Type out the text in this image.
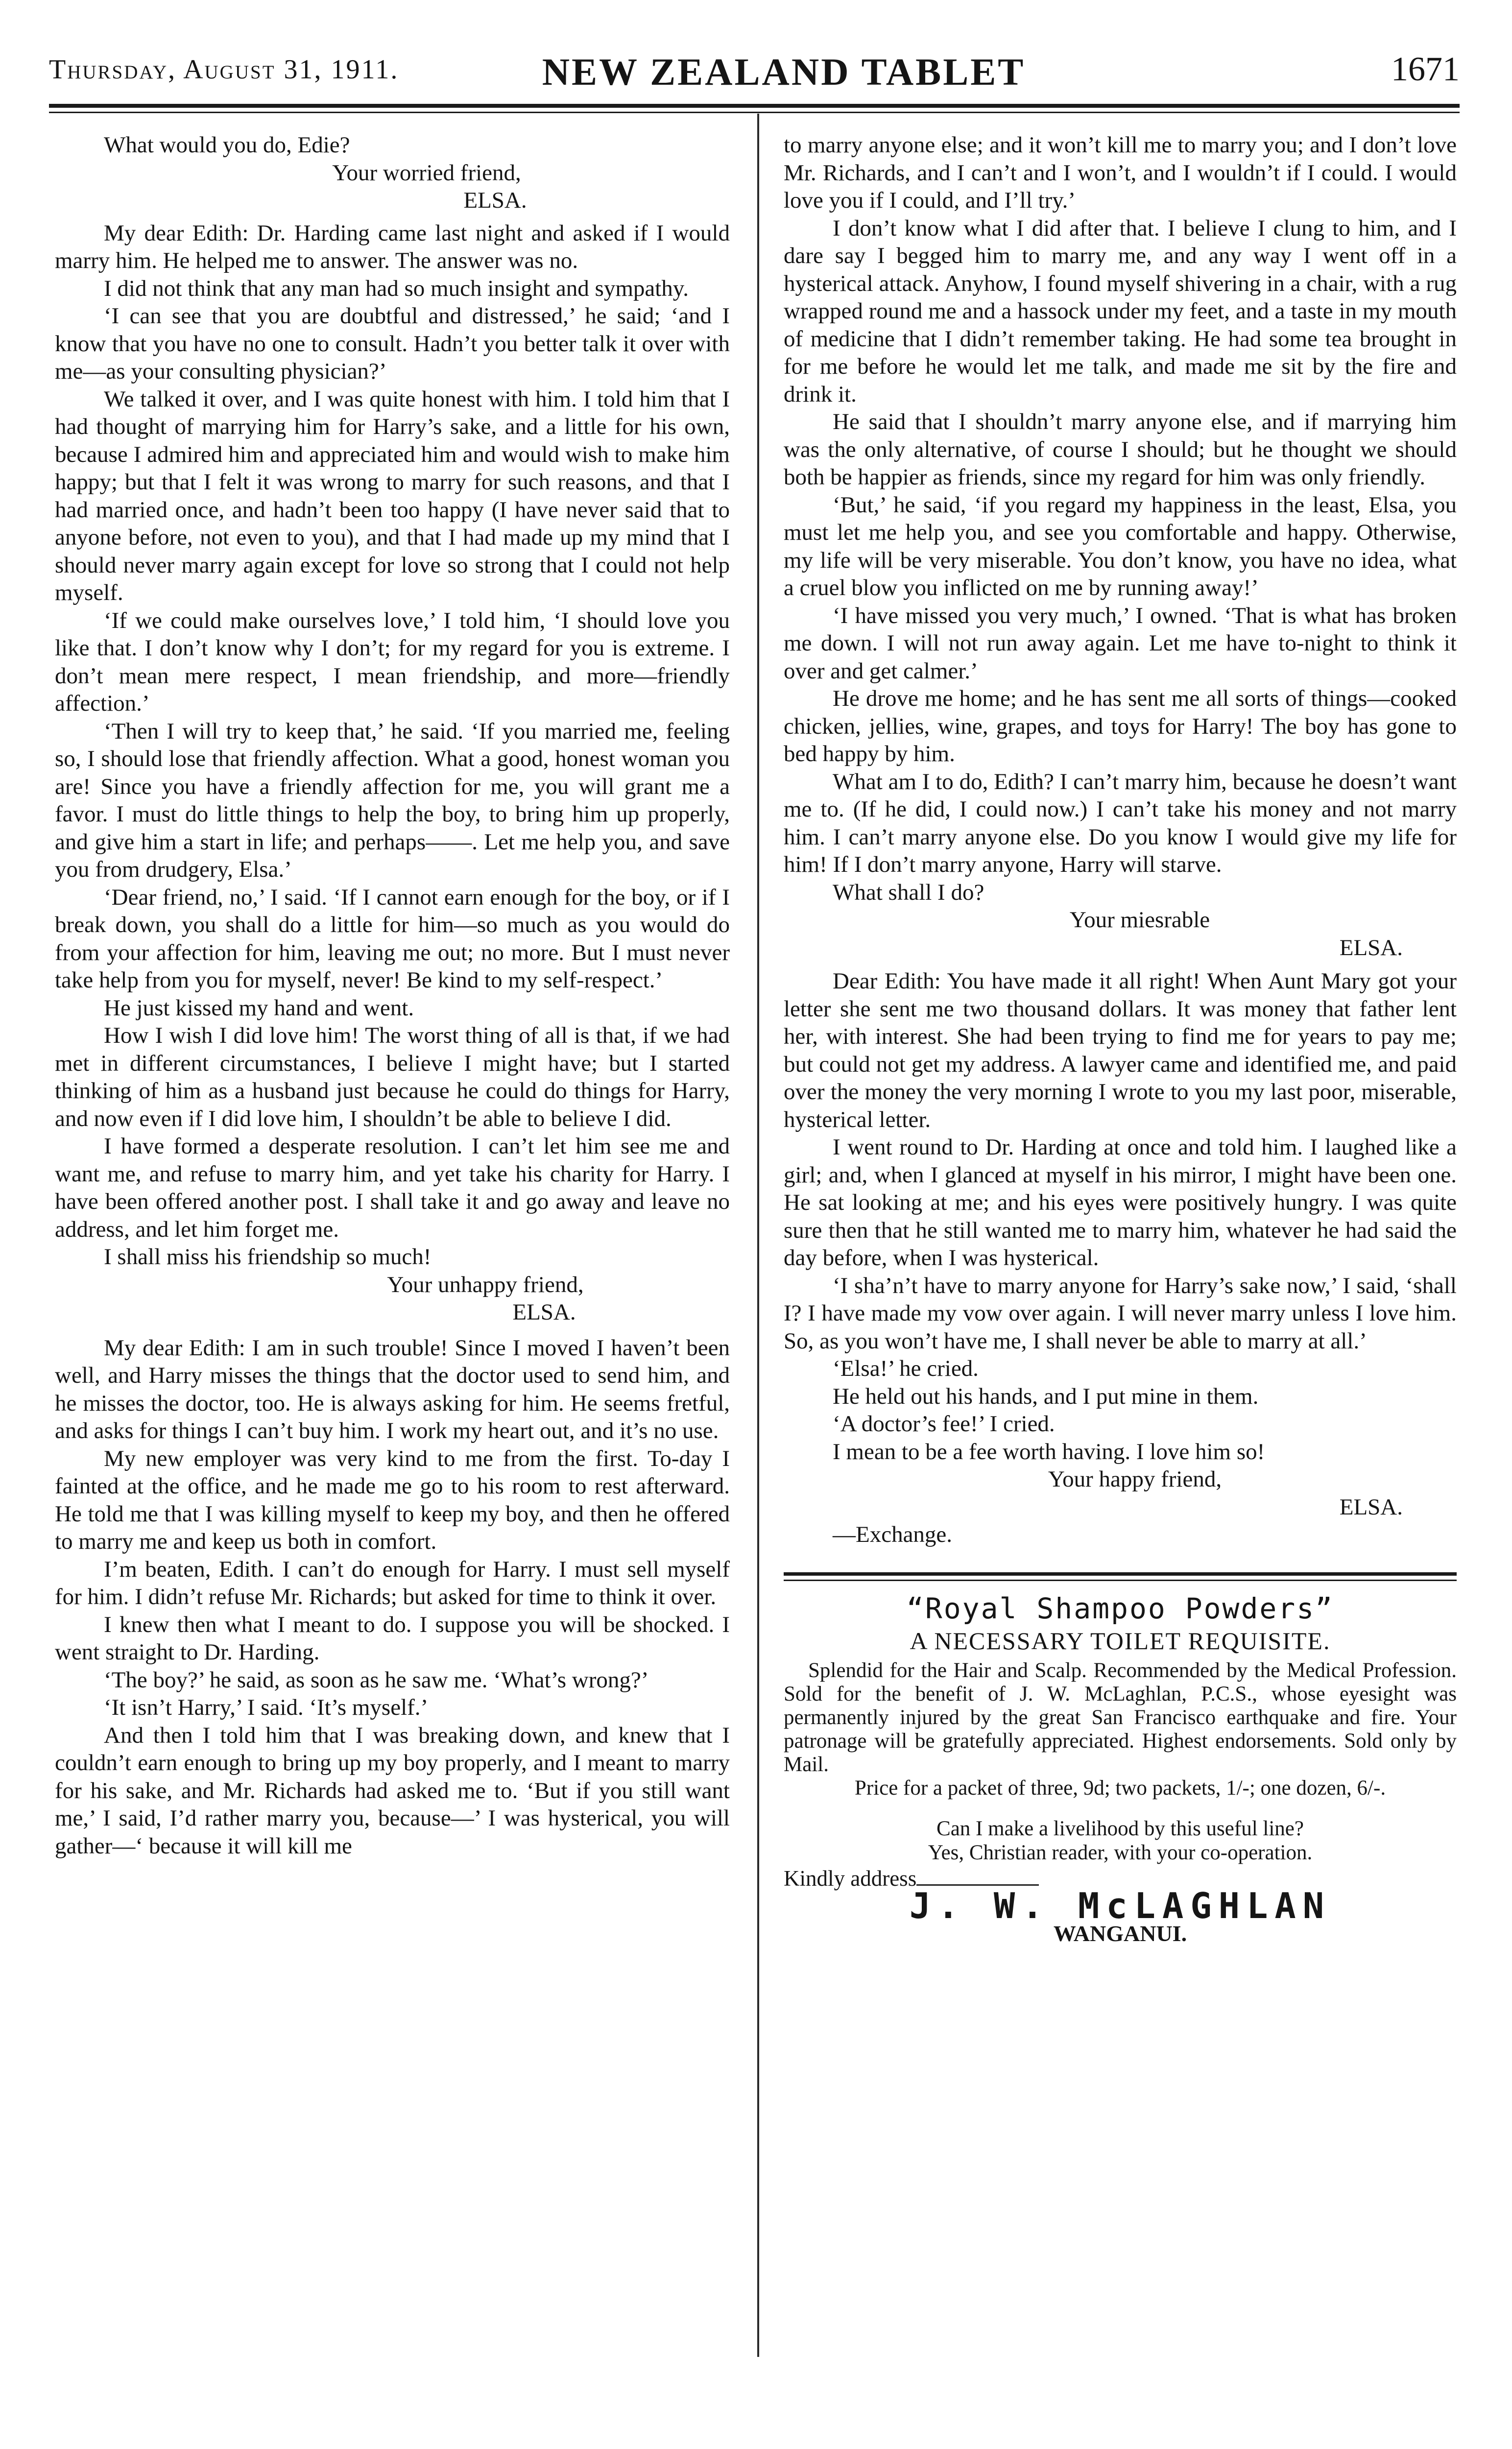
Thursday, August 31, 1911.	NEW ZEALAND TABLET	1671

What would you do, Edie?

Your worried friend,

ELSA.

My dear Edith: Dr. Harding came last night and asked if I would marry him. He helped me to answer. The answer was no.

I did not think that any man had so much insight and sympathy.

‘I can see that you are doubtful and distressed,’ he said; ‘and I know that you have no one to consult. Hadn’t you better talk it over with me—as your consulting physician?’

We talked it over, and I was quite honest with him. I told him that I had thought of marrying him for Harry’s sake, and a little for his own, because I admired him and appreciated him and would wish to make him happy; but that I felt it was wrong to marry for such reasons, and that I had married once, and hadn’t been too happy (I have never said that to anyone before, not even to you), and that I had made up my mind that I should never marry again except for love so strong that I could not help myself.

‘If we could make ourselves love,’ I told him, ‘I should love you like that. I don’t know why I don’t; for my regard for you is extreme. I don’t mean mere respect, I mean friendship, and more—friendly affection.’

‘Then I will try to keep that,’ he said. ‘If you married me, feeling so, I should lose that friendly affection. What a good, honest woman you are! Since you have a friendly affection for me, you will grant me a favor. I must do little things to help the boy, to bring him up properly, and give him a start in life; and perhaps——. Let me help you, and save you from drudgery, Elsa.’

‘Dear friend, no,’ I said. ‘If I cannot earn enough for the boy, or if I break down, you shall do a little for him—so much as you would do from your affection for him, leaving me out; no more. But I must never take help from you for myself, never! Be kind to my self-respect.’

He just kissed my hand and went.

How I wish I did love him! The worst thing of all is that, if we had met in different circumstances, I believe I might have; but I started thinking of him as a husband just because he could do things for Harry, and now even if I did love him, I shouldn’t be able to believe I did.

I have formed a desperate resolution. I can’t let him see me and want me, and refuse to marry him, and yet take his charity for Harry. I have been offered another post. I shall take it and go away and leave no address, and let him forget me.

I shall miss his friendship so much!

Your unhappy friend,

ELSA.

My dear Edith: I am in such trouble! Since I moved I haven’t been well, and Harry misses the things that the doctor used to send him, and he misses the doctor, too. He is always asking for him. He seems fretful, and asks for things I can’t buy him. I work my heart out, and it’s no use.

My new employer was very kind to me from the first. To-day I fainted at the office, and he made me go to his room to rest afterward. He told me that I was killing myself to keep my boy, and then he offered to marry me and keep us both in comfort.

I’m beaten, Edith. I can’t do enough for Harry. I must sell myself for him. I didn’t refuse Mr. Richards; but asked for time to think it over.

I knew then what I meant to do. I suppose you will be shocked. I went straight to Dr. Harding.

‘The boy?’ he said, as soon as he saw me. ‘What’s wrong?’

‘It isn’t Harry,’ I said. ‘It’s myself.’

And then I told him that I was breaking down, and knew that I couldn’t earn enough to bring up my boy properly, and I meant to marry for his sake, and Mr. Richards had asked me to. ‘But if you still want me,’ I said, I’d rather marry you, because—’ I was hysterical, you will gather—‘ because it will kill me

to marry anyone else; and it won’t kill me to marry you; and I don’t love Mr. Richards, and I can’t and I won’t, and I wouldn’t if I could. I would love you if I could, and I’ll try.’

I don’t know what I did after that. I believe I clung to him, and I dare say I begged him to marry me, and any way I went off in a hysterical attack. Anyhow, I found myself shivering in a chair, with a rug wrapped round me and a hassock under my feet, and a taste in my mouth of medicine that I didn’t remember taking. He had some tea brought in for me before he would let me talk, and made me sit by the fire and drink it.

He said that I shouldn’t marry anyone else, and if marrying him was the only alternative, of course I should; but he thought we should both be happier as friends, since my regard for him was only friendly.

‘But,’ he said, ‘if you regard my happiness in the least, Elsa, you must let me help you, and see you comfortable and happy. Otherwise, my life will be very miserable. You don’t know, you have no idea, what a cruel blow you inflicted on me by running away!’

‘I have missed you very much,’ I owned. ‘That is what has broken me down. I will not run away again. Let me have to-night to think it over and get calmer.’

He drove me home; and he has sent me all sorts of things—cooked chicken, jellies, wine, grapes, and toys for Harry! The boy has gone to bed happy by him.

What am I to do, Edith? I can’t marry him, because he doesn’t want me to. (If he did, I could now.) I can’t take his money and not marry him. I can’t marry anyone else. Do you know I would give my life for him! If I don’t marry anyone, Harry will starve.

What shall I do?

Your miesrable

ELSA.

Dear Edith: You have made it all right! When Aunt Mary got your letter she sent me two thousand dollars. It was money that father lent her, with interest. She had been trying to find me for years to pay me; but could not get my address. A lawyer came and identified me, and paid over the money the very morning I wrote to you my last poor, miserable, hysterical letter.

I went round to Dr. Harding at once and told him. I laughed like a girl; and, when I glanced at myself in his mirror, I might have been one. He sat looking at me; and his eyes were positively hungry. I was quite sure then that he still wanted me to marry him, whatever he had said the day before, when I was hysterical.

‘I sha’n’t have to marry anyone for Harry’s sake now,’ I said, ‘shall I? I have made my vow over again. I will never marry unless I love him. So, as you won’t have me, I shall never be able to marry at all.’

‘Elsa!’ he cried.

He held out his hands, and I put mine in them.

‘A doctor’s fee!’ I cried.

I mean to be a fee worth having. I love him so!

Your happy friend,

ELSA.

—Exchange.

“Royal Shampoo Powders”

A NECESSARY TOILET REQUISITE.

Splendid for the Hair and Scalp. Recommended by the Medical Profession. Sold for the benefit of J. W. McLaghlan, P.C.S., whose eyesight was permanently injured by the great San Francisco earthquake and fire. Your patronage will be gratefully appreciated. Highest endorsements. Sold only by Mail.

Price for a packet of three, 9d; two packets, 1/-; one dozen, 6/-.

Can I make a livelihood by this useful line?

Yes, Christian reader, with your co-operation.

Kindly address

J. W. McLAGHLAN

WANGANUI.
